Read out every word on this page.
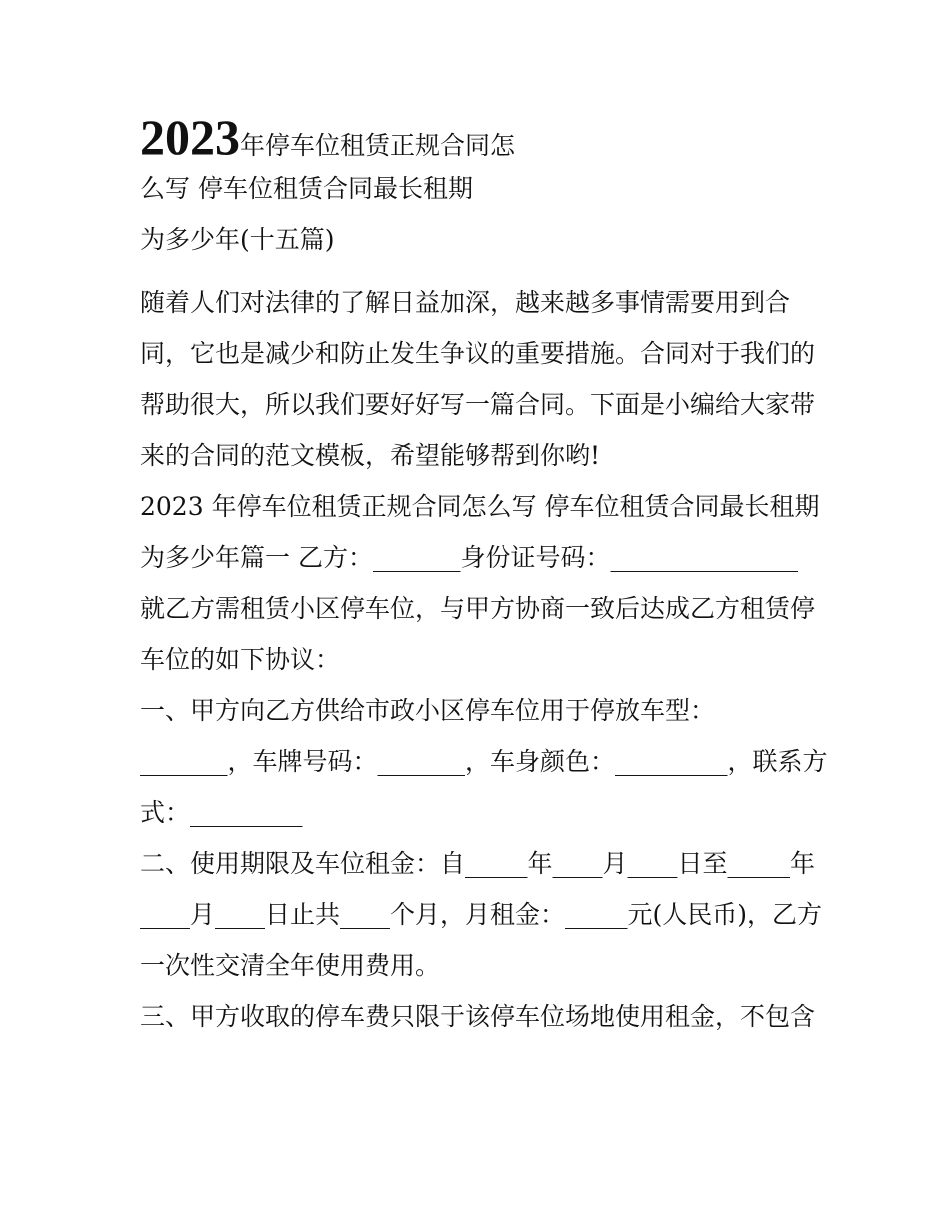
2023年停车位租赁正规合同怎
么写 停车位租赁合同最长租期
为多少年(十五篇)
随着人们对法律的了解日益加深，越来越多事情需要用到合
同，它也是减少和防止发生争议的重要措施。合同对于我们的
帮助很大，所以我们要好好写一篇合同。下面是小编给大家带
来的合同的范文模板，希望能够帮到你哟!
2023 年停车位租赁正规合同怎么写 停车位租赁合同最长租期
为多少年篇一 乙方：_______身份证号码：_______________
就乙方需租赁小区停车位，与甲方协商一致后达成乙方租赁停
车位的如下协议：
一、甲方向乙方供给市政小区停车位用于停放车型：
_______，车牌号码：_______，车身颜色：_________，联系方
式：_________
二、使用期限及车位租金：自_____年____月____日至_____年
____月____日止共____个月，月租金：_____元(人民币)，乙方
一次性交清全年使用费用。
三、甲方收取的停车费只限于该停车位场地使用租金，不包含
